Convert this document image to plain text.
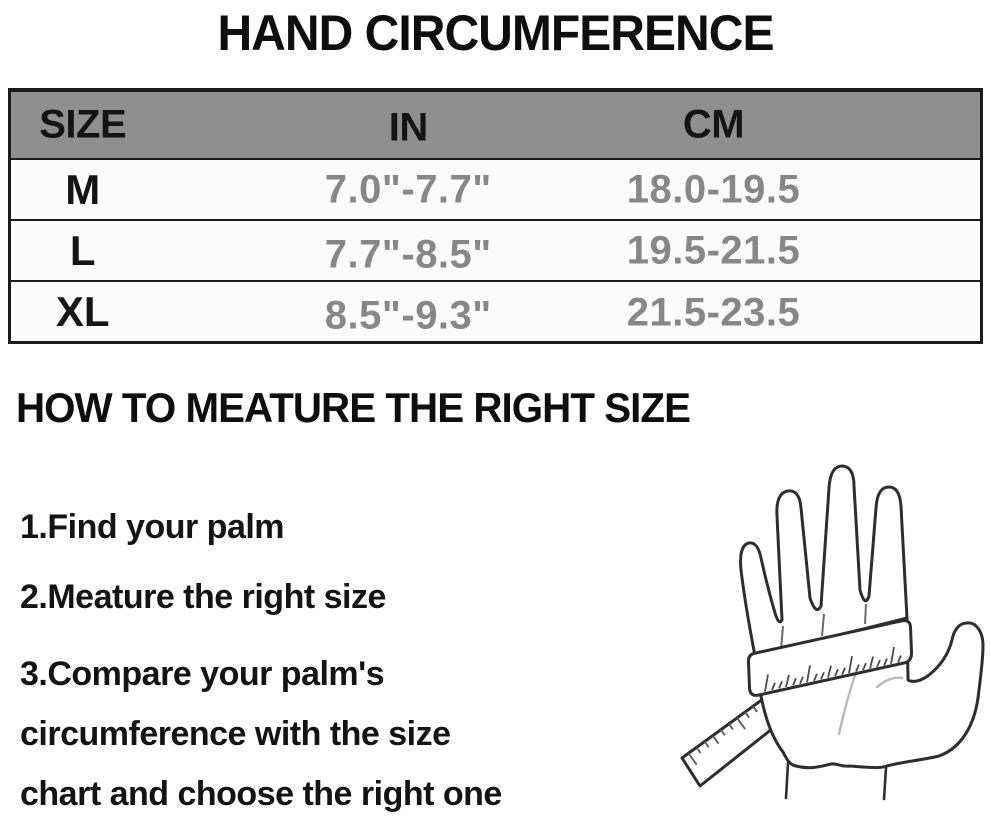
HAND CIRCUMFERENCE
SIZE	IN	CM
M	7.0"-7.7"	18.0-19.5
L	7.7"-8.5"	19.5-21.5
XL	8.5"-9.3"	21.5-23.5
HOW TO MEATURE THE RIGHT SIZE
1.Find your palm
2.Meature the right size
3.Compare your palm's
circumference with the size
chart and choose the right one
